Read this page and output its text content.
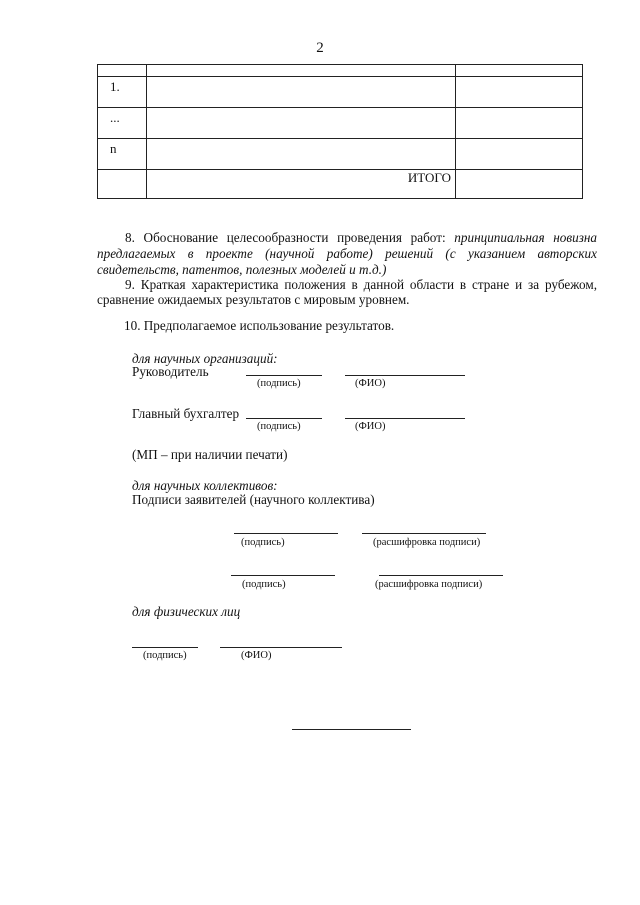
2

1.		
...		
n		
	ИТОГО	
8. Обоснование целесообразности проведения работ: принципиальная новизна
предлагаемых в проекте (научной работе) решений (с указанием авторских
свидетельств, патентов, полезных моделей и т.д.)
9. Краткая характеристика положения в данной области в стране и за рубежом,
сравнение ожидаемых результатов с мировым уровнем.
10. Предполагаемое использование результатов.
для научных организаций:
Руководитель
(подпись)	(ФИО)
Главный бухгалтер
(подпись)	(ФИО)
(МП – при наличии печати)
для научных коллективов:
Подписи заявителей (научного коллектива)
(подпись)	(расшифровка подписи)
(подпись)	(расшифровка подписи)
для физических лиц
(подпись)	(ФИО)
